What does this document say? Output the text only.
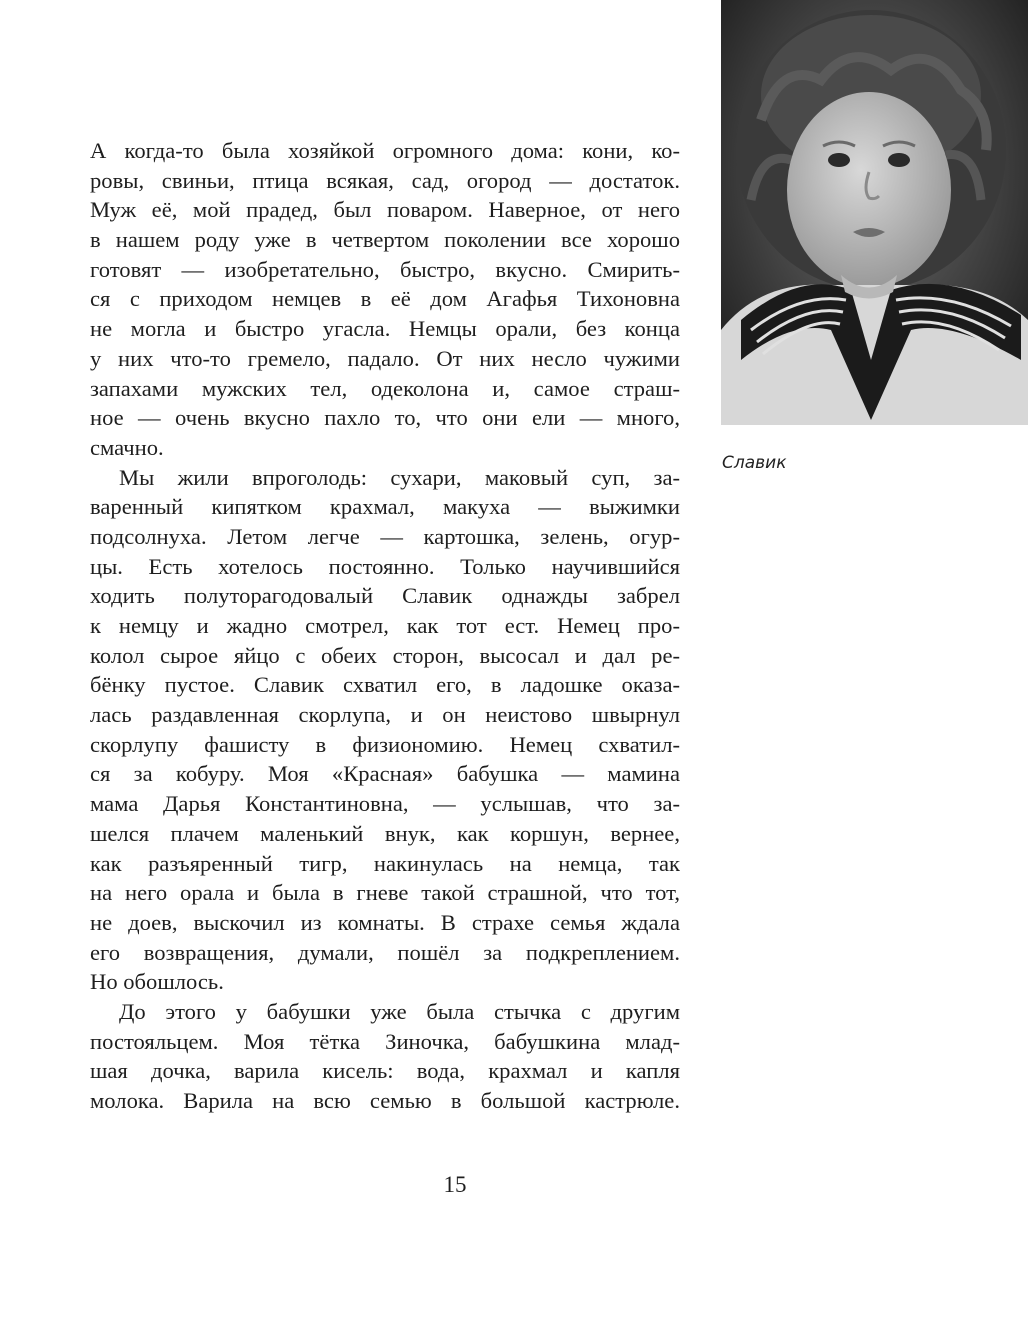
Славик
А когда-то была хозяйкой огромного дома: кони, ко-
ровы, свиньи, птица всякая, сад, огород — достаток.
Муж её, мой прадед, был поваром. Наверное, от него
в нашем роду уже в четвертом поколении все хорошо
готовят — изобретательно, быстро, вкусно. Смирить-
ся с приходом немцев в её дом Агафья Тихоновна
не могла и быстро угасла. Немцы орали, без конца
у них что-то гремело, падало. От них несло чужими
запахами мужских тел, одеколона и, самое страш-
ное — очень вкусно пахло то, что они ели — много,
смачно.
Мы жили впроголодь: сухари, маковый суп, за-
варенный кипятком крахмал, макуха — выжимки
подсолнуха. Летом легче — картошка, зелень, огур-
цы. Есть хотелось постоянно. Только научившийся
ходить полуторагодовалый Славик однажды забрел
к немцу и жадно смотрел, как тот ест. Немец про-
колол сырое яйцо с обеих сторон, высосал и дал ре-
бёнку пустое. Славик схватил его, в ладошке оказа-
лась раздавленная скорлупа, и он неистово швырнул
скорлупу фашисту в физиономию. Немец схватил-
ся за кобуру. Моя «Красная» бабушка — мамина
мама Дарья Константиновна, — услышав, что за-
шелся плачем маленький внук, как коршун, вернее,
как разъяренный тигр, накинулась на немца, так
на него орала и была в гневе такой страшной, что тот,
не доев, выскочил из комнаты. В страхе семья ждала
его возвращения, думали, пошёл за подкреплением.
Но обошлось.
До этого у бабушки уже была стычка с другим
постояльцем. Моя тётка Зиночка, бабушкина млад-
шая дочка, варила кисель: вода, крахмал и капля
молока. Варила на всю семью в большой кастрюле.
15
